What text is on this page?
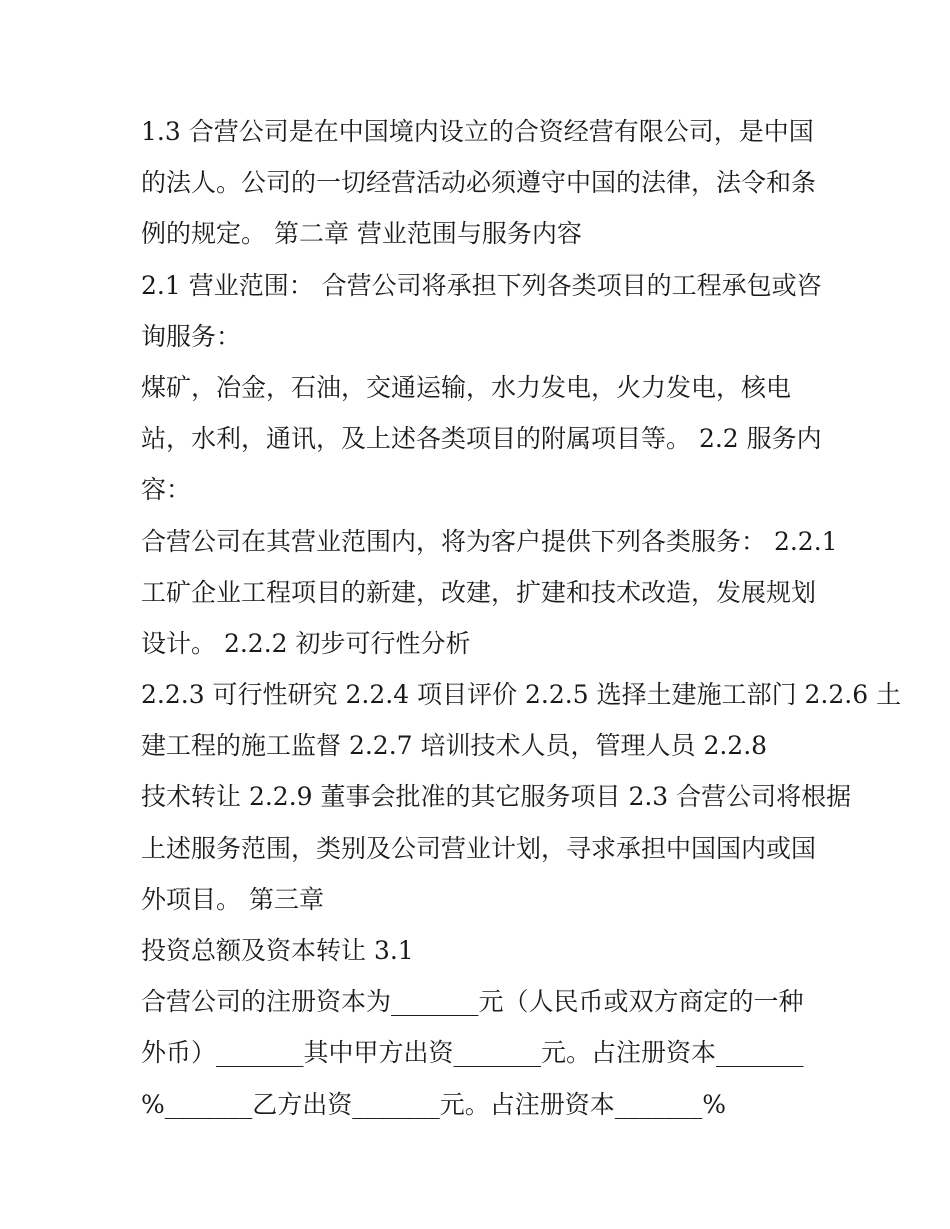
1.3 合营公司是在中国境内设立的合资经营有限公司，是中国
的法人。公司的一切经营活动必须遵守中国的法律，法令和条
例的规定。 第二章 营业范围与服务内容
2.1 营业范围： 合营公司将承担下列各类项目的工程承包或咨
询服务：
煤矿，冶金，石油，交通运输，水力发电，火力发电，核电
站，水利，通讯，及上述各类项目的附属项目等。 2.2 服务内
容：
合营公司在其营业范围内，将为客户提供下列各类服务： 2.2.1
工矿企业工程项目的新建，改建，扩建和技术改造，发展规划
设计。 2.2.2 初步可行性分析
2.2.3 可行性研究 2.2.4 项目评价 2.2.5 选择土建施工部门 2.2.6 土
建工程的施工监督 2.2.7 培训技术人员，管理人员 2.2.8
技术转让 2.2.9 董事会批准的其它服务项目 2.3 合营公司将根据
上述服务范围，类别及公司营业计划，寻求承担中国国内或国
外项目。 第三章
投资总额及资本转让 3.1
合营公司的注册资本为_______元（人民币或双方商定的一种
外币）_______其中甲方出资_______元。占注册资本_______
%_______乙方出资_______元。占注册资本_______%
